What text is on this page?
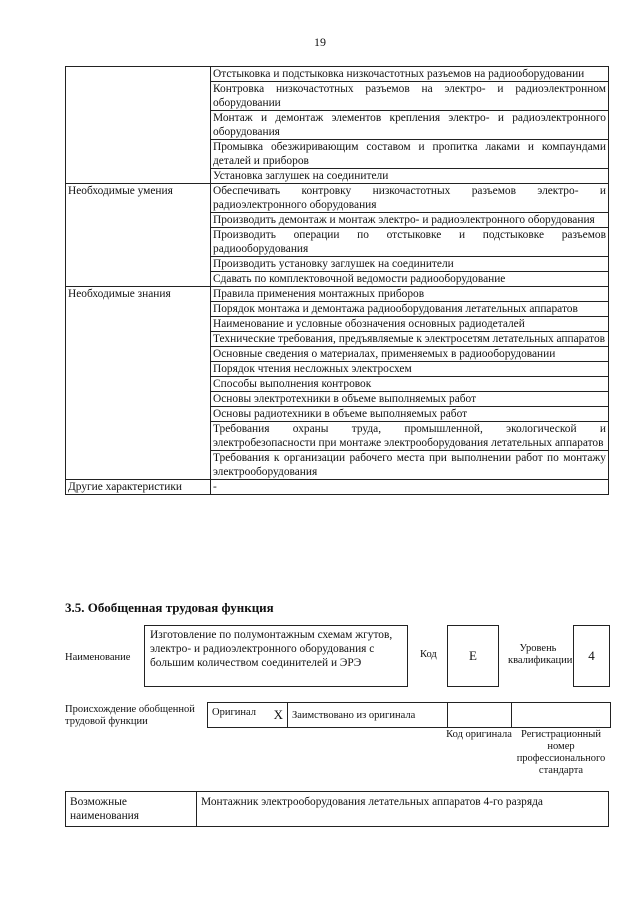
19
	Отстыковка и подстыковка низкочастотных разъемов на радиооборудовании
	Контровка низкочастотных разъемов на электро- и радиоэлектронном оборудовании
	Монтаж и демонтаж элементов крепления электро- и радиоэлектронного оборудования
	Промывка обезжиривающим составом и пропитка лаками и компаундами деталей и приборов
	Установка заглушек на соединители
Необходимые умения	Обеспечивать контровку низкочастотных разъемов электро- и радиоэлектронного оборудования
	Производить демонтаж и монтаж электро- и радиоэлектронного оборудования
	Производить операции по отстыковке и подстыковке разъемов радиооборудования
	Производить установку заглушек на соединители
	Сдавать по комплектовочной ведомости радиооборудование
Необходимые знания	Правила применения монтажных приборов
	Порядок монтажа и демонтажа радиооборудования летательных аппаратов
	Наименование и условные обозначения основных радиодеталей
	Технические требования, предъявляемые к электросетям летательных аппаратов
	Основные сведения о материалах, применяемых в радиооборудовании
	Порядок чтения несложных электросхем
	Способы выполнения контровок
	Основы электротехники в объеме выполняемых работ
	Основы радиотехники в объеме выполняемых работ
	Требования охраны труда, промышленной, экологической и электробезопасности при монтаже электрооборудования летательных аппаратов
	Требования к организации рабочего места при выполнении работ по монтажу электрооборудования
Другие характеристики	-
3.5. Обобщенная трудовая функция
Наименование
Изготовление по полумонтажным схемам жгутов, электро- и радиоэлектронного оборудования с большим количеством соединителей и ЭРЭ
Код	E	Уровень квалификации	4
Происхождение обобщенной трудовой функции
Оригинал X	Заимствовано из оригинала		
Код оригинала Регистрационный номер профессионального стандарта
Возможные наименования	Монтажник электрооборудования летательных аппаратов 4-го разряда
